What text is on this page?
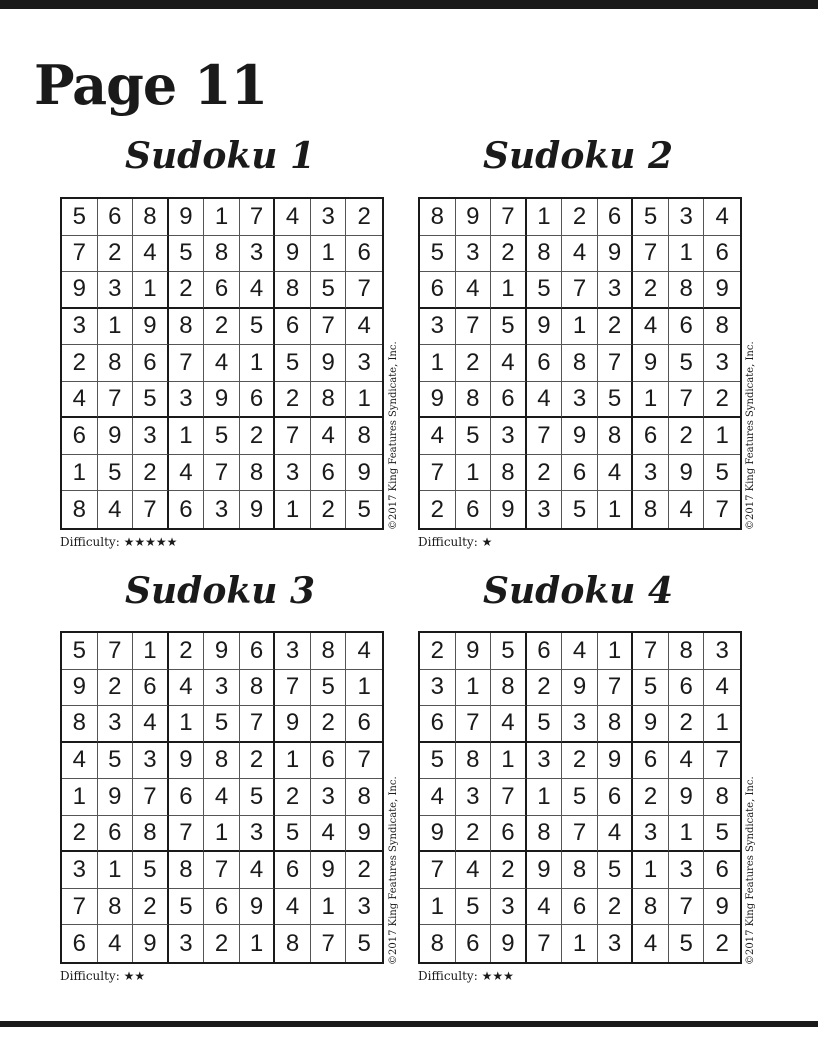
Page 11
Sudoku 1
5 6 8 9 1 7 4 3 2
7 2 4 5 8 3 9 1 6
9 3 1 2 6 4 8 5 7
3 1 9 8 2 5 6 7 4
2 8 6 7 4 1 5 9 3
4 7 5 3 9 6 2 8 1
6 9 3 1 5 2 7 4 8
1 5 2 4 7 8 3 6 9
8 4 7 6 3 9 1 2 5
Difficulty: ★★★★★
©2017 King Features Syndicate, Inc.
Sudoku 2
8 9 7 1 2 6 5 3 4
5 3 2 8 4 9 7 1 6
6 4 1 5 7 3 2 8 9
3 7 5 9 1 2 4 6 8
1 2 4 6 8 7 9 5 3
9 8 6 4 3 5 1 7 2
4 5 3 7 9 8 6 2 1
7 1 8 2 6 4 3 9 5
2 6 9 3 5 1 8 4 7
Difficulty: ★
©2017 King Features Syndicate, Inc.
Sudoku 3
5 7 1 2 9 6 3 8 4
9 2 6 4 3 8 7 5 1
8 3 4 1 5 7 9 2 6
4 5 3 9 8 2 1 6 7
1 9 7 6 4 5 2 3 8
2 6 8 7 1 3 5 4 9
3 1 5 8 7 4 6 9 2
7 8 2 5 6 9 4 1 3
6 4 9 3 2 1 8 7 5
Difficulty: ★★
©2017 King Features Syndicate, Inc.
Sudoku 4
2 9 5 6 4 1 7 8 3
3 1 8 2 9 7 5 6 4
6 7 4 5 3 8 9 2 1
5 8 1 3 2 9 6 4 7
4 3 7 1 5 6 2 9 8
9 2 6 8 7 4 3 1 5
7 4 2 9 8 5 1 3 6
1 5 3 4 6 2 8 7 9
8 6 9 7 1 3 4 5 2
Difficulty: ★★★
©2017 King Features Syndicate, Inc.
